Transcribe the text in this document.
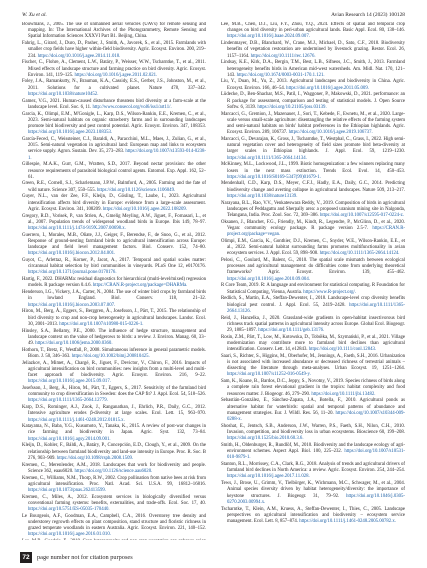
W. Xu et al.	Avian Research 14 (2023) 100128

Bouwmans, J., 2005. The use of unmanned aerial vehicles (UAVs) for remote sensing and mapping. In: The International Archives of the Photogrammetry, Remote Sensing and Spatial Information Sciences XXXVI Part B1. Beijing, China.

Fahrig, L., Girard, J., Duro, D., Pasher, J., Smith, A., Javorek, S., et al., 2015. Farmlands with smaller crop fields have higher within-field biodiversity. Agric. Ecosyst. Environ. 200, 219–234. https://doi.org/10.1016/j.agee.2014.11.018.

Fischer, C., Flohre, A., Clement, L.W., Batáry, P., Weisser, W.W., Tscharntke, T., et al., 2011. Mixed effects of landscape structure and farming practice on bird diversity. Agric. Ecosyst. Environ. 141, 119–125. https://doi.org/10.1016/j.agee.2011.02.021.

Foley, J.A., Ramankutty, N., Brauman, K.A., Cassidy, E.S., Gerber, J.S., Johnston, M., et al., 2011. Solutions for a cultivated planet. Nature 478, 337–342. https://doi.org/10.1038/nature10452.

Gamez, V.G., 2021. Human-caused disturbance threatens bird diversity at a farm-scale at the landscape level. Ecol. Soc. 6, 11. http://www.consecol.org/vol6/iss1/art11/.

Garcia, K., Olimpi, E.M., M'Gonigle, L., Karp, D.S., Wilson-Rankin, E.E., Kremen, C., et al., 2023. Semi-natural habitats on organic strawberry farms and in surrounding landscapes promote bird biodiversity and pest control potential. Agric. Ecosyst. Environ. 347, 108353. https://doi.org/10.1016/j.agee.2023.108353.

García-Feced, C., Weissteiner, C.J., Baraldi, A., Paracchini, M.L., Maes, J., Zulian, G., et al., 2015. Semi-natural vegetation in agricultural land: European map and links to ecosystem service supply. Agron. Sustain. Dev. 35, 273–283. https://doi.org/10.1007/s13593-014-0238-1.

Gillespie, M.A.K., Gurr, G.M., Wratten, S.D., 2017. Beyond nectar provision: the other resource requirements of parasitoid biological control agents. Entomol. Exp. Appl. 162, 52–61.

Green, R.E., Cornell, S.J., Scharlemann, J.P.W., Balmford, A., 2005. Farming and the fate of wild nature. Science 307, 550–555. https://doi.org/10.1126/science.1106049.

Guyer, N.L., van der Zee, F.F., Kleijn, D., Gösling, T., Laube, I., 2023. Agricultural intensification affects bird diversity in Europe: evidence from a large-scale assessment. Agric. Ecosyst. Environ. 341, 108209. https://doi.org/10.1016/j.agee.2022.108209.

Gregory, R.D., Vorisek, P., van Strien, A., Gmelig Meyling, A.W., Jiguet, F., Fornasari, L., et al., 2007. Population trends of widespread woodland birds in Europe. Ibis 149, 78–97. https://doi.org/10.1111/j.1474-919X.2007.00698.x.

Guerrero, I., Morales, M.B., Oñate, J.J., Geiger, F., Berendse, F., de Snoo, G., et al., 2012. Response of ground-nesting farmland birds to agricultural intensification across Europe: landscape and field level management factors. Biol. Conserv. 152, 74–80. https://doi.org/10.1016/j.biocon.2012.04.001.

Guyot, C., Arlettaz, R., Korner, P., Jacot, A., 2017. Temporal and spatial scales matter: circannual habitat selection by bird communities in vineyards. PLoS One 12, e0170176. https://doi.org/10.1371/journal.pone.0170176.

Hartig, F., 2022. DHARMa: residual diagnostics for hierarchical (multi-level/mixed) regression models. R package version 0.4.6. https://CRAN.R-project.org/package=DHARMa.

Henderson, I.G., Vickery, J.A., Carter, N., 2004. The use of winter bird crops by farmland birds in lowland England. Biol. Conserv. 118, 21–32. https://doi.org/10.1016/j.biocon.2003.07.007.

Hiron, M., Berg, Å., Eggers, S., Berggren, Å., Josefsson, J., Pärt, T., 2015. The relationship of bird diversity to crop and non-crop heterogeneity in agricultural landscapes. Landsc. Ecol. 30, 2001–2013. https://doi.org/10.1007/s10980-015-0226-1.

Hinsley, S.A., Bellamy, P.E., 2000. The influence of hedge structure, management and landscape context on the value of hedgerows to birds: a review. J. Environ. Manag. 60, 33–49. https://doi.org/10.1006/jema.2000.0360.

Hothorn, T., Bretz, F., Westfall, P., 2008. Simultaneous inference in general parametric models. Biom. J. 50, 346–363. https://doi.org/10.1002/bimj.200810425.

Jeliazkov, A., Mimet, A., Chargé, R., Jiguet, F., Devictor, V., Chiron, F., 2016. Impacts of agricultural intensification on bird communities: new insights from a multi-level and multi-facet approach of biodiversity. Agric. Ecosyst. Environ. 216, 9–22. https://doi.org/10.1016/j.agee.2015.09.017.

Josefsson, J., Berg, Å., Hiron, M., Pärt, T., Eggers, S., 2017. Sensitivity of the farmland bird community to crop diversification in Sweden: does the CAP fit? J. Appl. Ecol. 54, 518–526. https://doi.org/10.1111/1365-2664.12779.

Karp, D.S., Rominger, A.J., Zook, J., Ranganathan, J., Ehrlich, P.R., Daily, G.C., 2012. Intensive agriculture erodes β-diversity at large scales. Ecol. Lett. 15, 963–970. https://doi.org/10.1111/j.1461-0248.2012.01815.x.

Katayama, N., Baba, Y.G., Kusumoto, Y., Tanaka, K., 2015. A review of post-war changes in rice farming and biodiversity in Japan. Agric. Syst. 132, 73–84. https://doi.org/10.1016/j.agsy.2014.09.001.

Kleijn, D., Kohler, F., Báldi, A., Batáry, P., Concepción, E.D., Clough, Y., et al., 2009. On the relationship between farmland biodiversity and land-use intensity in Europe. Proc. R. Soc. B 276, 903–909. https://doi.org/10.1098/rspb.2008.1509.

Kremen, C., Merenlender, A.M., 2018. Landscapes that work for biodiversity and people. Science 362, eaau6020. https://doi.org/10.1126/science.aau6020.

Kremen, C., Williams, N.M., Thorp, R.W., 2002. Crop pollination from native bees at risk from agricultural intensification. Proc. Natl. Acad. Sci. U.S.A. 99, 16812–16816. https://doi.org/10.1073/pnas.262413599.

Kremen, C., Miles, A., 2012. Ecosystem services in biologically diversified versus conventional farming systems: benefits, externalities, and trade-offs. Ecol. Soc. 17, 40. https://doi.org/10.5751/ES-05035-170440.

Le Bourgeois, A.F., Goodman, E.A., Campbell, C.A., 2016. Overstorey tree density and understorey regrowth effects on plant composition, stand structure and floristic richness in grazed temperate woodlands in eastern Australia. Agric. Ecosyst. Environ. 221, 140–152. https://doi.org/10.1016/j.agee.2016.01.010.

Lee, M.B., Chen, D.J., Liu, F.Y., Zhou, Y.Q., 2024. Effects of spatial and temporal crop changes on bird diversity in peri-urban agricultural lands. Basic Appl. Ecol. 80, 138–146. https://doi.org/10.1016/j.baae.2024.09.007.

Lindenmayer, D.B., Blanchard, W., Crane, M.J., Michael, D., Sato, C.F., 2018. Biodiversity benefits of vegetation restoration are undermined by livestock grazing. Restor. Ecol. 26, 1157–1164. https://doi.org/10.1111/rec.12676.

Lindsay, K.E., Kirk, D.A., Bergin, T.M., Best, L.B., Sifneos, J.C., Smith, J., 2013. Farmland heterogeneity benefits birds in American mid-west watersheds. Am. Midl. Nat. 170, 121–143. https://doi.org/10.1674/0003-0031-170.1.121.

Liu, Y., Duan, M., Yu, Z., 2013. Agricultural landscapes and biodiversity in China. Agric. Ecosyst. Environ. 166, 46–54. https://doi.org/10.1016/j.agee.2011.05.009.

Lüdecke, D., Ben-Shachar, M.S., Patil, I., Waggoner, P., Makowski, D., 2021. performance: an R package for assessment, comparison and testing of statistical models. J. Open Source Softw. 6, 3139. https://doi.org/10.21105/joss.03139.

Marcacci, G., Gremion, J., Mazenauer, J., Sori, T., Kebede, F., Ewnetu, M., et al., 2020. Large-scale versus small-scale agriculture: disentangling the relative effects of the farming system and semi-natural habitats on birds' habitat preferences in the Ethiopian highlands. Agric. Ecosyst. Environ. 289, 106737. https://doi.org/10.1016/j.agee.2019.106737.

Marcacci, G., Devarajan, K., Gross, J., Tscharntke, T., Westphal, C., Grass, I., 2022. High semi-natural vegetation cover and heterogeneity of field sizes promote bird beta-diversity at larger scales in Ethiopian highlands. J. Appl. Ecol. 59, 1219–1230. https://doi.org/10.1111/1365-2664.14134.

McKinney, M.L., Lockwood, J.L., 1999. Biotic homogenization: a few winners replacing many losers in the next mass extinction. Trends Ecol. Evol. 14, 450–453. https://doi.org/10.1016/S0169-5347(99)01679-1.

Mendenhall, C.D., Karp, D.S., Meyer, C.F.J., Hadly, E.A., Daily, G.C., 2014. Predicting biodiversity change and averting collapse in agricultural landscapes. Nature 509, 213–217. https://doi.org/10.1038/nature13139.

Narayana, B.L., Rao, V.V., Venkateswara Reddy, V., 2019. Composition of birds in agricultural landscapes of Peddagattu and Sherpally area: a proposed uranium mining site in Nalgonda, Telangana, India. Proc. Zool. Soc. 72, 369–386. https://doi.org/10.1007/s12595-017-0224-z.

Oksanen, J., Blanchet, F.G., Friendly, M., Kindt, R., Legendre, P., McGlinn, D., et al., 2020. Vegan: community ecology package. R package version 2.5-7. https://CRAN.R-project.org/package=vegan.

Olimpi, E.M., Garcia, K., Gonthier, D.J., Kremen, C., Snyder, W.E., Wilson-Rankin, E.E., et al., 2022. Semi-natural habitat surrounding farms promotes multifunctionality in avian ecosystem services. J. Appl. Ecol. 59, 898–908. https://doi.org/10.1111/1365-2664.14124.

Pelosi, C., Goulard, M., Balent, G., 2010. The spatial scale mismatch between ecological processes and agricultural management: do difficulties come from underlying theoretical frameworks? Agric. Ecosyst. Environ. 139, 455–462. https://doi.org/10.1016/j.agee.2010.09.004.

R Core Team, 2019. R: A language and environment for statistical computing. R Foundation for Statistical Computing, Vienna, Austria. https://www.R-project.org/.

Redlich, S., Martin, E.A., Steffan-Dewenter, I., 2018. Landscape-level crop diversity benefits biological pest control. J. Appl. Ecol. 55, 2419–2428. https://doi.org/10.1111/1365-2664.13126.

Reid, J., Hanzelka, J., 2020. Grassland-wide gradients in open-habitat insectivorous bird richness track spatial patterns in agricultural intensity across Europe. Global Ecol. Biogeogr. 29, 1885–1897. https://doi.org/10.1111/geb.13176.

Rosin, Z.M., Pärt, T., Low, M., Kotowska, D., Tobółka, M., Szymański, P., et al., 2021. Village modernization may contribute more to farmland bird declines than agricultural intensification. Conserv. Lett. 14, e12843. https://doi.org/10.1111/conl.12843.

Saari, S., Richter, S., Higgins, M., Oberhofer, M., Jennings, A., Faeth, S.H., 2016. Urbanization is not associated with increased abundance or decreased richness of terrestrial animals – dissecting the literature through meta-analyses. Urban Ecosyst. 19, 1251–1264. https://doi.org/10.1007/s11252-016-0549-y.

Sam, K., Koane, B., Bardos, D.C., Jeppy, S., Novotny, V., 2019. Species richness of birds along a complete rain forest elevational gradient in the tropics: habitat complexity and food resources matter. J. Biogeogr. 46, 279–290. https://doi.org/10.1111/jbi.13482.

Sebastián-González, E., Sánchez-Zapata, J.A., Botella, F., 2010. Agricultural ponds as alternative habitat for waterbirds: spatial and temporal patterns of abundance and management strategies. Eur. J. Wildl. Res. 56, 11–20. https://doi.org/10.1007/s10344-009-0288-x.

Shoshat, E., Jentsch, S.B., Anderson, J.W., Warren, P.S., Faeth, S.H., Nilon, C.H., 2010. Invasion, competition, and biodiversity loss in urban ecosystems. Bioscience 60, 199–208. https://doi.org/10.1525/bio.2010.60.3.6.

Smith, H., Oldenburger, R., Rundlöf, M., 2010. Biodiversity and the landscape ecology of agri-environment schemes. Aspect Appl. Biol. 100, 225–232. https://doi.org/10.1007/s10531-010-9879-1.

Stanton, R.L., Morrissey, C.A., Clark, R.G., 2018. Analysis of trends and agricultural drivers of farmland bird declines in North America: a review. Agric. Ecosyst. Environ. 254, 244–254. https://doi.org/10.1016/j.agee.2017.11.028.

Tews, J., Brose, U., Grimm, V., Tielbörger, K., Wichmann, M.C., Schwager, M., et al., 2004. Animal species diversity driven by habitat heterogeneity/diversity: the importance of keystone structures. J. Biogeogr. 31, 79–92. https://doi.org/10.1046/j.0305-0270.2003.00994.x.

Tscharntke, T., Klein, A.M., Kruess, A., Steffan-Dewenter, I., Thies, C., 2005. Landscape perspectives on agricultural intensification and biodiversity – ecosystem service management. Ecol. Lett. 8, 857–874. https://doi.org/10.1111/j.1461-0248.2005.00782.x.

72	page number not for citation purposes
